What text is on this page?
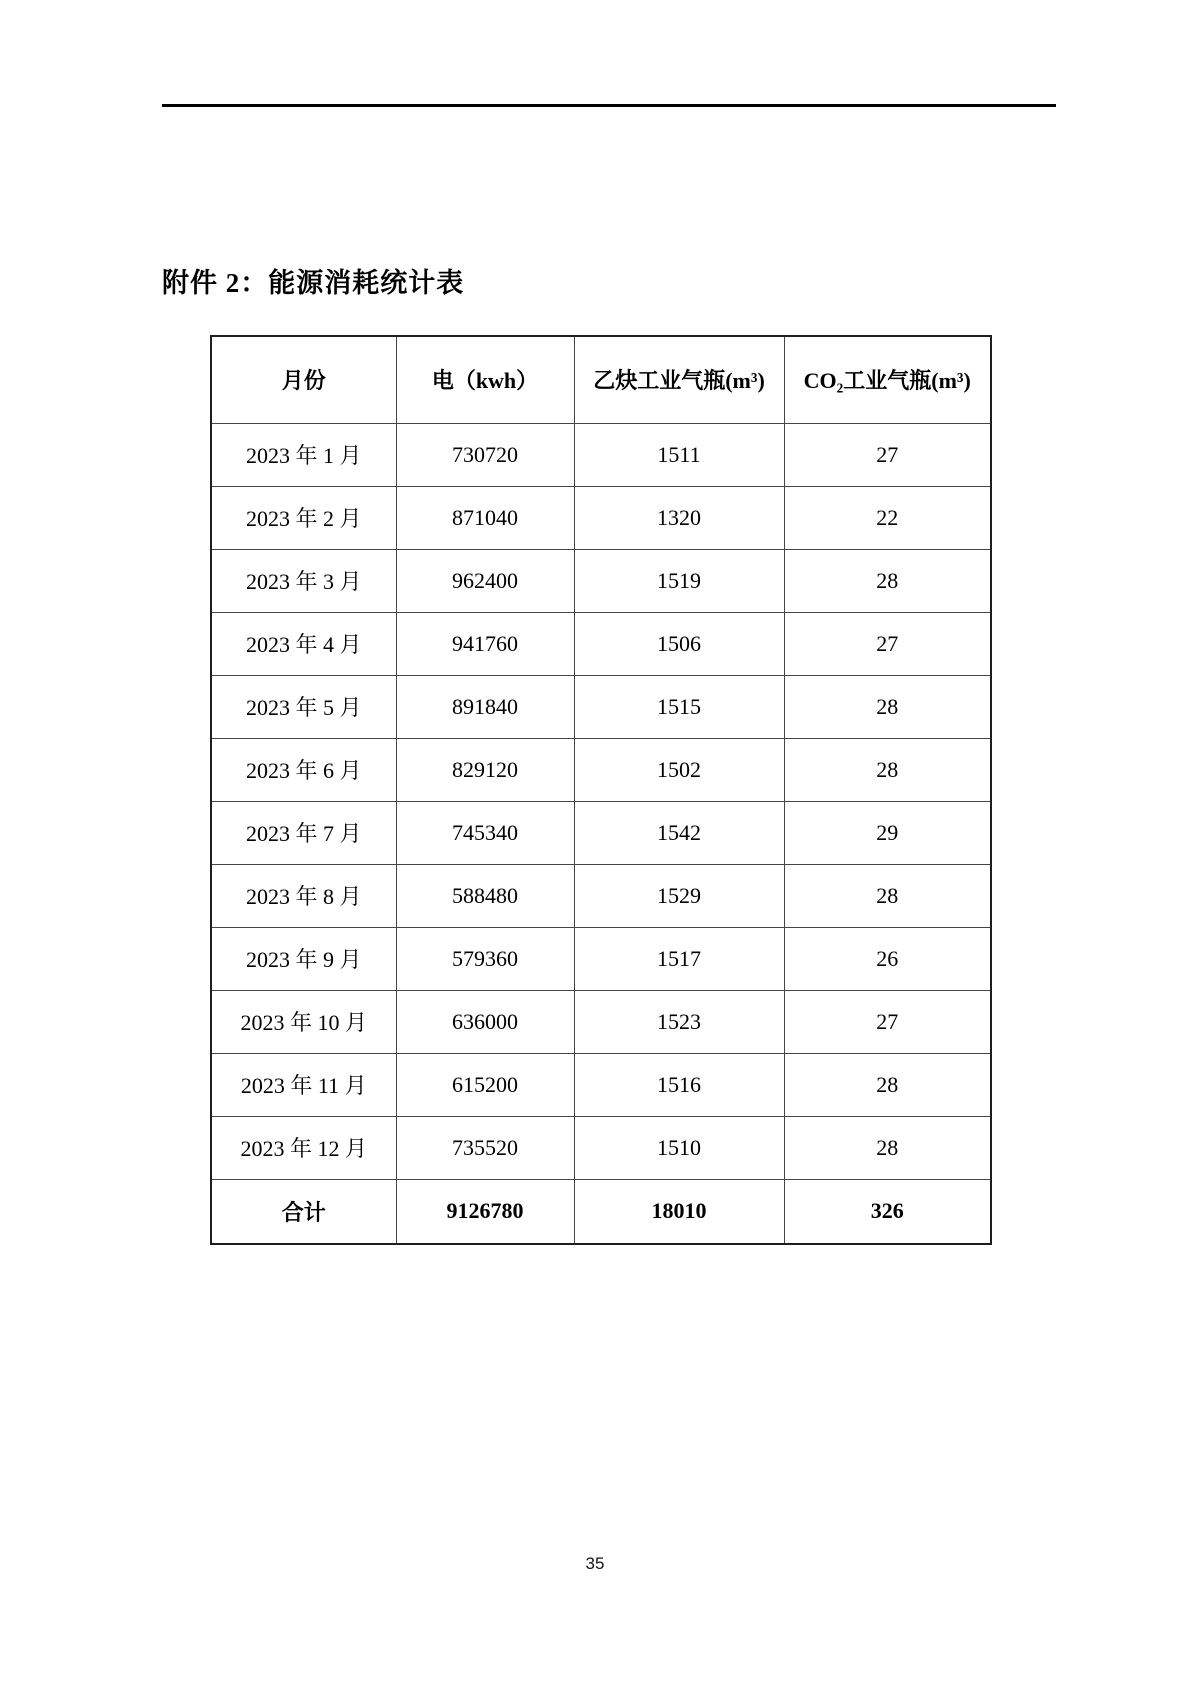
附件 2：能源消耗统计表
月份	电（kwh）	乙炔工业气瓶(m³)	CO₂工业气瓶(m³)
2023 年 1 月	730720	1511	27
2023 年 2 月	871040	1320	22
2023 年 3 月	962400	1519	28
2023 年 4 月	941760	1506	27
2023 年 5 月	891840	1515	28
2023 年 6 月	829120	1502	28
2023 年 7 月	745340	1542	29
2023 年 8 月	588480	1529	28
2023 年 9 月	579360	1517	26
2023 年 10 月	636000	1523	27
2023 年 11 月	615200	1516	28
2023 年 12 月	735520	1510	28
合计	9126780	18010	326
35
